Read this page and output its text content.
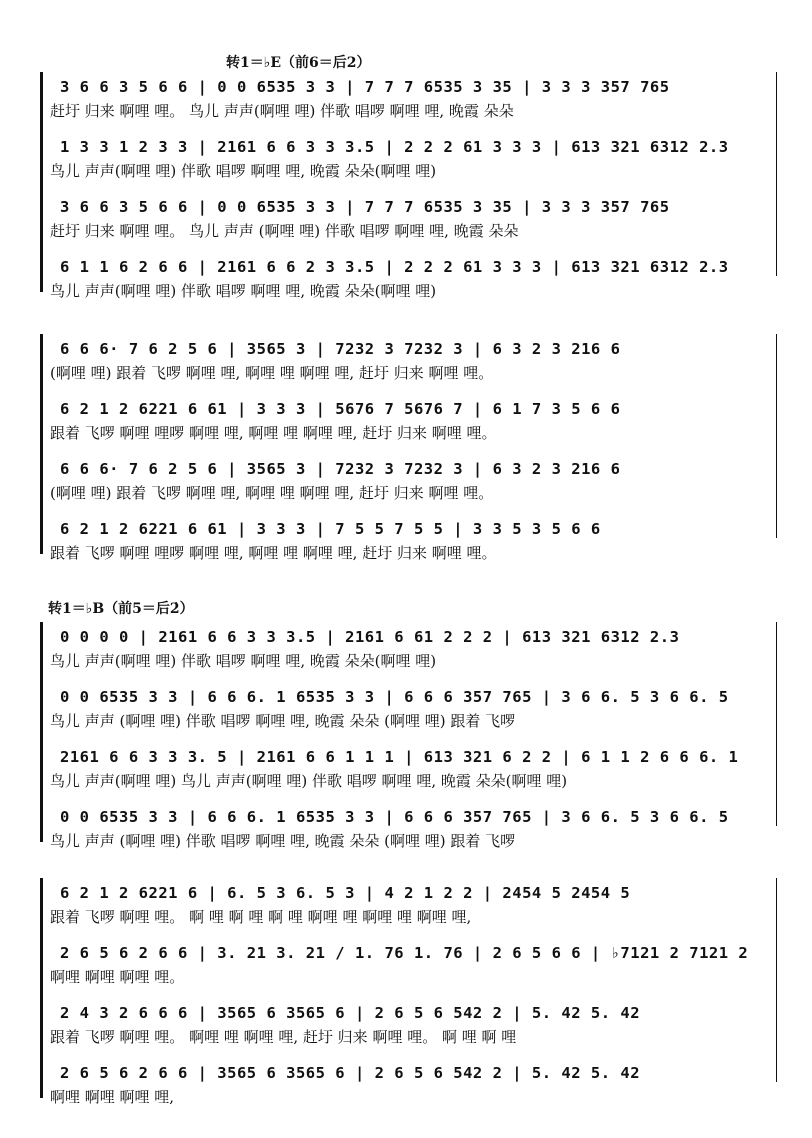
转1＝♭E（前6＝后2）
转1＝♭B（前5＝后2̇）
3 6 6 3 5 6 6 | 0 0 6535 3 3 | 7 7 7 6535 3 35 | 3 3 3 357 765
赶圩 归来 啊哩 哩。 鸟儿 声声(啊哩 哩) 伴歌 唱啰 啊哩 哩, 晚霞 朵朵
1 3 3 1 2 3 3 | 2161 6 6 3 3 3.5 | 2 2 2 61 3 3 3 | 613 321 6312 2.3
鸟儿 声声(啊哩 哩) 伴歌 唱啰 啊哩 哩, 晚霞 朵朵(啊哩 哩)
3 6 6 3 5 6 6 | 0 0 6535 3 3 | 7 7 7 6535 3 35 | 3 3 3 357 765
赶圩 归来 啊哩 哩。 鸟儿 声声 (啊哩 哩) 伴歌 唱啰 啊哩 哩, 晚霞 朵朵
6 1 1 6 2 6 6 | 2161 6 6 2 3 3.5 | 2 2 2 61 3 3 3 | 613 321 6312 2.3
鸟儿 声声(啊哩 哩) 伴歌 唱啰 啊哩 哩, 晚霞 朵朵(啊哩 哩)
6 6 6· 7 6 2 5 6 | 3565 3 | 7232 3 7232 3 | 6 3 2 3 216 6
(啊哩 哩) 跟着 飞啰 啊哩 哩, 啊哩 哩 啊哩 哩, 赶圩 归来 啊哩 哩。
6 2 1 2 6221 6 61 | 3 3 3 | 5676 7 5676 7 | 6 1 7 3 5 6 6
跟着 飞啰 啊哩 哩啰 啊哩 哩, 啊哩 哩 啊哩 哩, 赶圩 归来 啊哩 哩。
6 6 6· 7 6 2 5 6 | 3565 3 | 7232 3 7232 3 | 6 3 2 3 216 6
(啊哩 哩) 跟着 飞啰 啊哩 哩, 啊哩 哩 啊哩 哩, 赶圩 归来 啊哩 哩。
6 2 1 2 6221 6 61 | 3 3 3 | 7 5 5 7 5 5 | 3 3 5 3 5 6 6
跟着 飞啰 啊哩 哩啰 啊哩 哩, 啊哩 哩 啊哩 哩, 赶圩 归来 啊哩 哩。
0 0 0 0 | 2161 6 6 3 3 3.5 | 2161 6 61 2 2 2 | 613 321 6312 2.3
鸟儿 声声(啊哩 哩) 伴歌 唱啰 啊哩 哩, 晚霞 朵朵(啊哩 哩)
0 0 6535 3 3 | 6 6 6. 1 6535 3 3 | 6 6 6 357 765 | 3 6 6. 5 3 6 6. 5
鸟儿 声声 (啊哩 哩) 伴歌 唱啰 啊哩 哩, 晚霞 朵朵 (啊哩 哩) 跟着 飞啰
2161 6 6 3 3 3. 5 | 2161 6 6 1 1 1 | 613 321 6 2 2 | 6 1 1 2 6 6 6. 1
鸟儿 声声(啊哩 哩) 鸟儿 声声(啊哩 哩) 伴歌 唱啰 啊哩 哩, 晚霞 朵朵(啊哩 哩)
0 0 6535 3 3 | 6 6 6. 1 6535 3 3 | 6 6 6 357 765 | 3 6 6. 5 3 6 6. 5
鸟儿 声声 (啊哩 哩) 伴歌 唱啰 啊哩 哩, 晚霞 朵朵 (啊哩 哩) 跟着 飞啰
6 2 1 2 6221 6 | 6. 5 3 6. 5 3 | 4 2 1 2 2 | 2454 5 2454 5
跟着 飞啰 啊哩 哩。 啊 哩 啊 哩 啊 哩 啊哩 哩 啊哩 哩 啊哩 哩,
2 6 5 6 2 6 6 | 3. 21 3. 21 / 1. 76 1. 76 | 2 6 5 6 6 | ♭7121 2 7121 2
啊哩 啊哩 啊哩 哩。
2 4 3 2 6 6 6 | 3565 6 3565 6 | 2 6 5 6 542 2 | 5. 42 5. 42
跟着 飞啰 啊哩 哩。 啊哩 哩 啊哩 哩, 赶圩 归来 啊哩 哩。 啊 哩 啊 哩
2 6 5 6 2 6 6 | 3565 6 3565 6 | 2 6 5 6 542 2 | 5. 42 5. 42
啊哩 啊哩 啊哩 哩,
